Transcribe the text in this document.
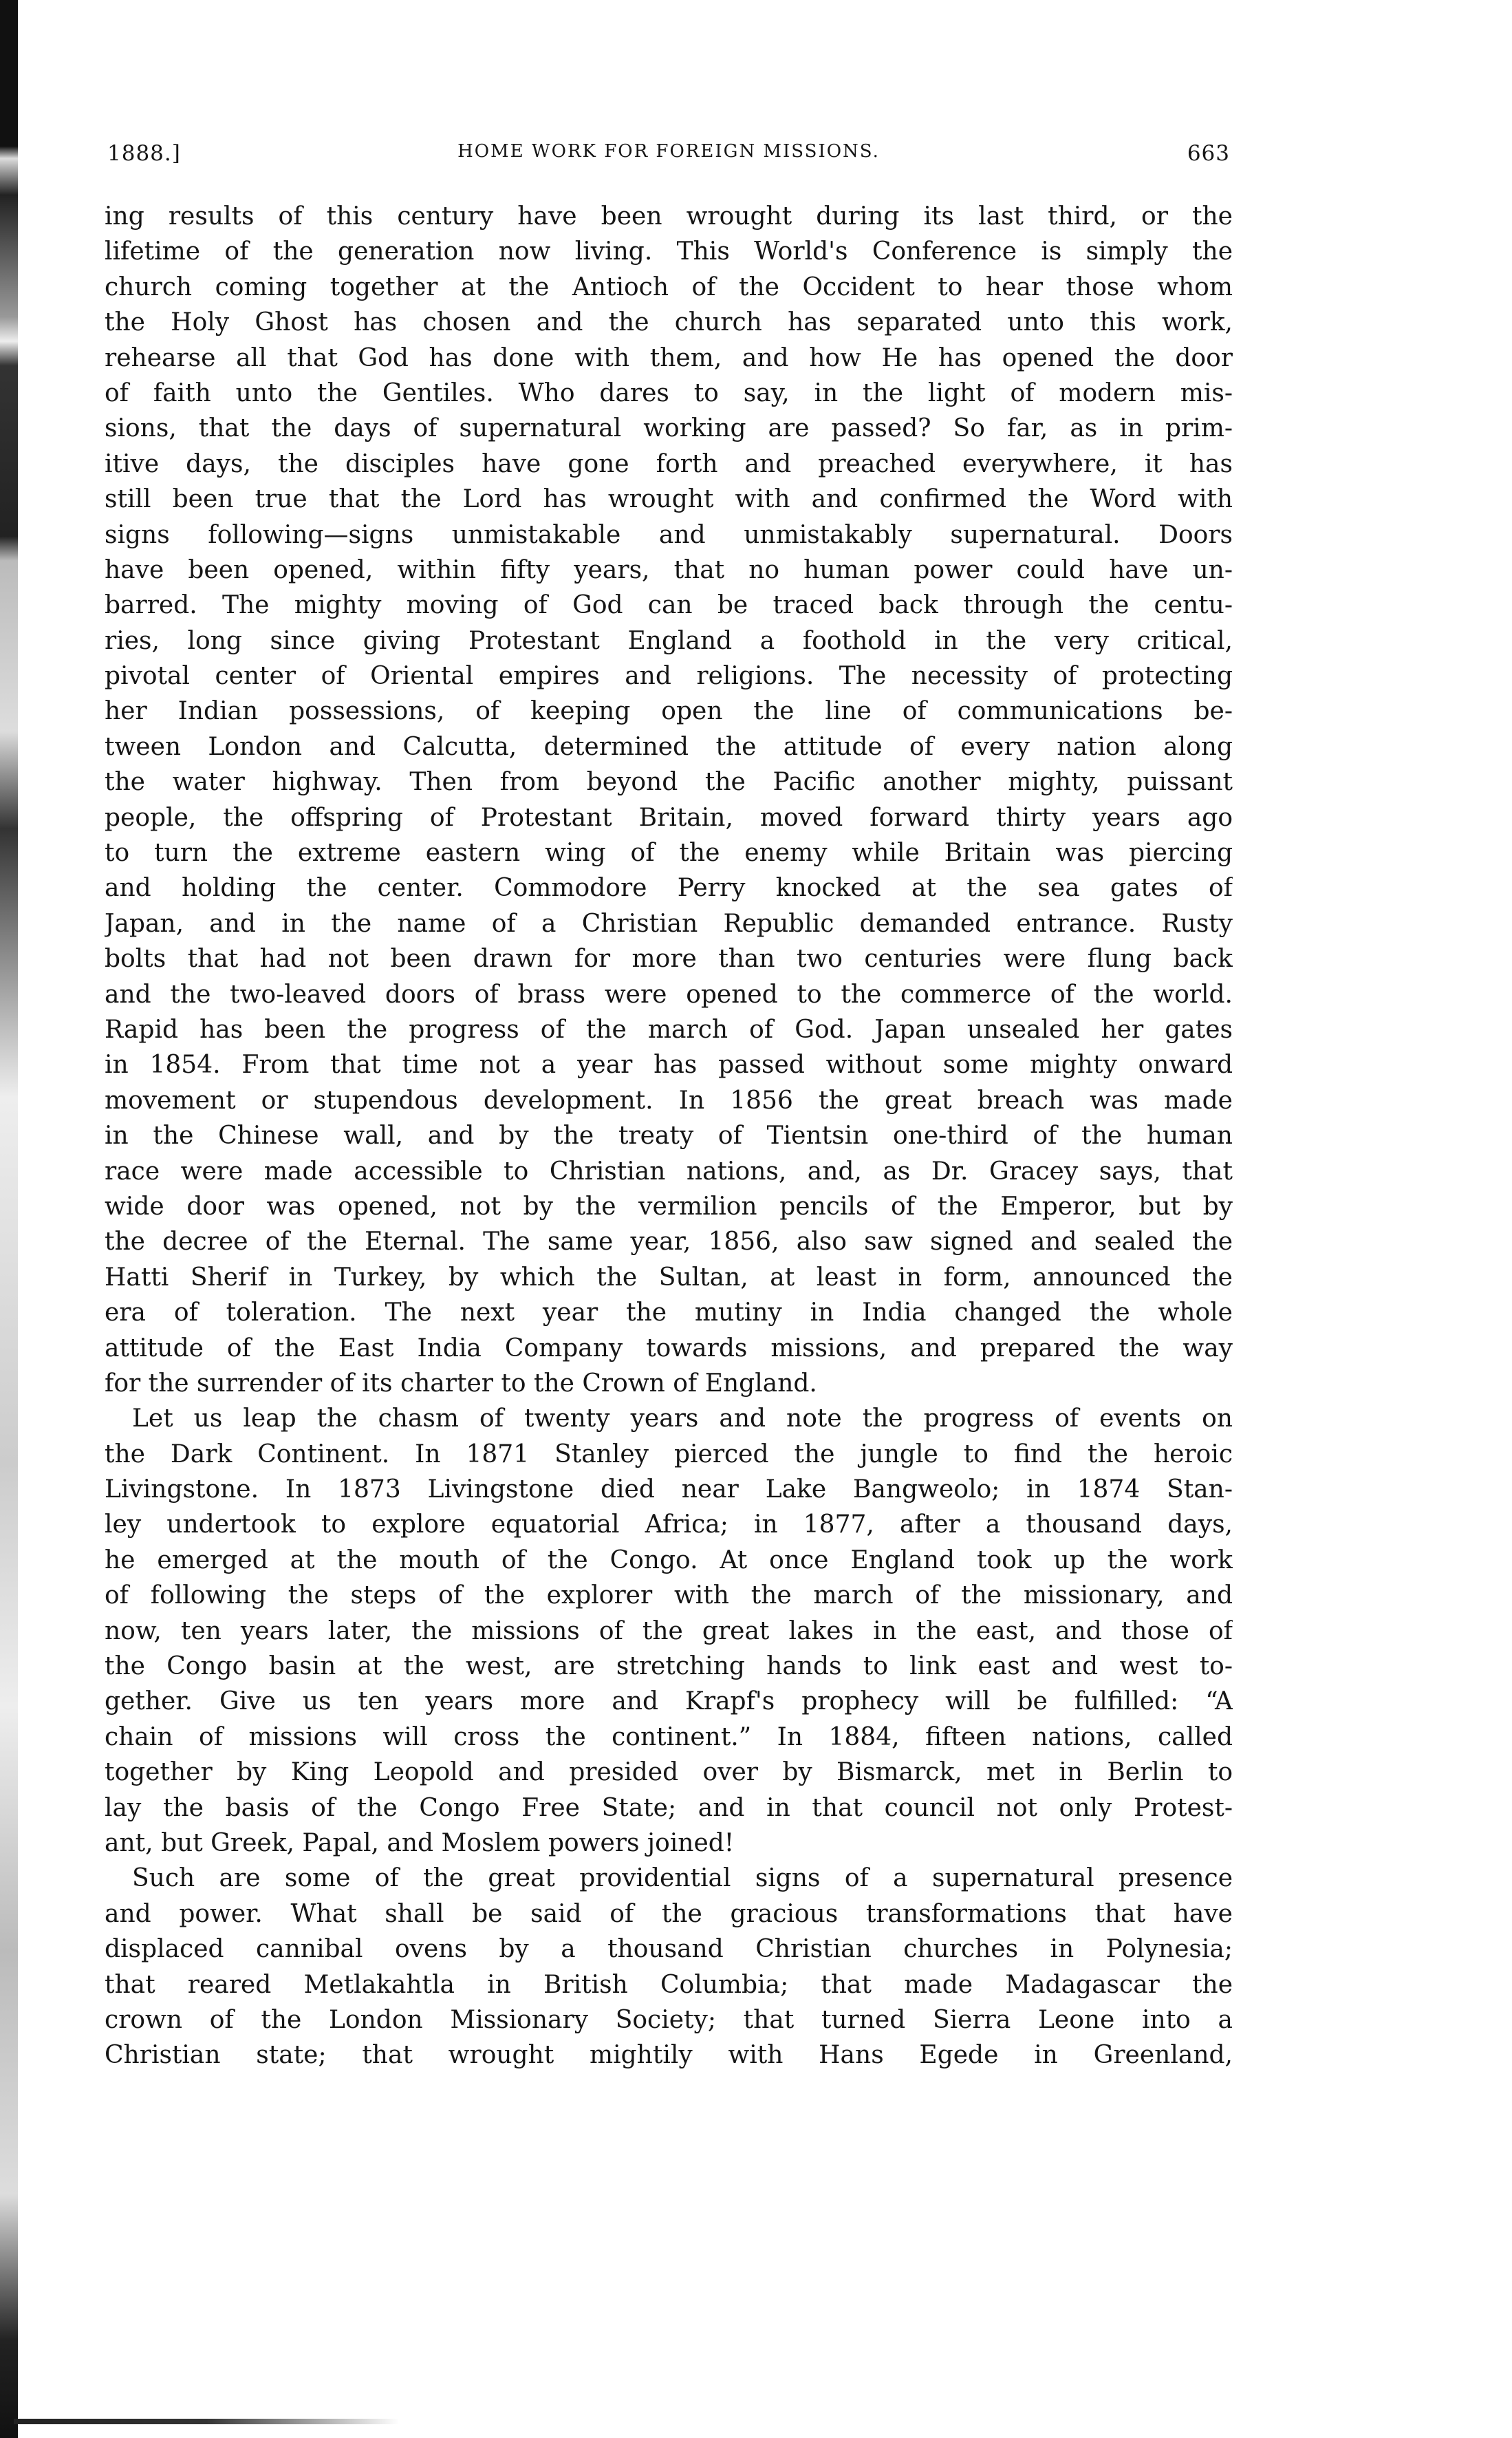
1888.]	HOME WORK FOR FOREIGN MISSIONS.	663
ing results of this century have been wrought during its last third, or the
lifetime of the generation now living. This World's Conference is simply the
church coming together at the Antioch of the Occident to hear those whom
the Holy Ghost has chosen and the church has separated unto this work,
rehearse all that God has done with them, and how He has opened the door
of faith unto the Gentiles. Who dares to say, in the light of modern mis-
sions, that the days of supernatural working are passed? So far, as in prim-
itive days, the disciples have gone forth and preached everywhere, it has
still been true that the Lord has wrought with and confirmed the Word with
signs following—signs unmistakable and unmistakably supernatural. Doors
have been opened, within fifty years, that no human power could have un-
barred. The mighty moving of God can be traced back through the centu-
ries, long since giving Protestant England a foothold in the very critical,
pivotal center of Oriental empires and religions. The necessity of protecting
her Indian possessions, of keeping open the line of communications be-
tween London and Calcutta, determined the attitude of every nation along
the water highway. Then from beyond the Pacific another mighty, puissant
people, the offspring of Protestant Britain, moved forward thirty years ago
to turn the extreme eastern wing of the enemy while Britain was piercing
and holding the center. Commodore Perry knocked at the sea gates of
Japan, and in the name of a Christian Republic demanded entrance. Rusty
bolts that had not been drawn for more than two centuries were flung back
and the two-leaved doors of brass were opened to the commerce of the world.
Rapid has been the progress of the march of God. Japan unsealed her gates
in 1854. From that time not a year has passed without some mighty onward
movement or stupendous development. In 1856 the great breach was made
in the Chinese wall, and by the treaty of Tientsin one-third of the human
race were made accessible to Christian nations, and, as Dr. Gracey says, that
wide door was opened, not by the vermilion pencils of the Emperor, but by
the decree of the Eternal. The same year, 1856, also saw signed and sealed the
Hatti Sherif in Turkey, by which the Sultan, at least in form, announced the
era of toleration. The next year the mutiny in India changed the whole
attitude of the East India Company towards missions, and prepared the way
for the surrender of its charter to the Crown of England.
Let us leap the chasm of twenty years and note the progress of events on
the Dark Continent. In 1871 Stanley pierced the jungle to find the heroic
Livingstone. In 1873 Livingstone died near Lake Bangweolo; in 1874 Stan-
ley undertook to explore equatorial Africa; in 1877, after a thousand days,
he emerged at the mouth of the Congo. At once England took up the work
of following the steps of the explorer with the march of the missionary, and
now, ten years later, the missions of the great lakes in the east, and those of
the Congo basin at the west, are stretching hands to link east and west to-
gether. Give us ten years more and Krapf's prophecy will be fulfilled: “A
chain of missions will cross the continent.” In 1884, fifteen nations, called
together by King Leopold and presided over by Bismarck, met in Berlin to
lay the basis of the Congo Free State; and in that council not only Protest-
ant, but Greek, Papal, and Moslem powers joined!
Such are some of the great providential signs of a supernatural presence
and power. What shall be said of the gracious transformations that have
displaced cannibal ovens by a thousand Christian churches in Polynesia;
that reared Metlakahtla in British Columbia; that made Madagascar the
crown of the London Missionary Society; that turned Sierra Leone into a
Christian state; that wrought mightily with Hans Egede in Greenland,
